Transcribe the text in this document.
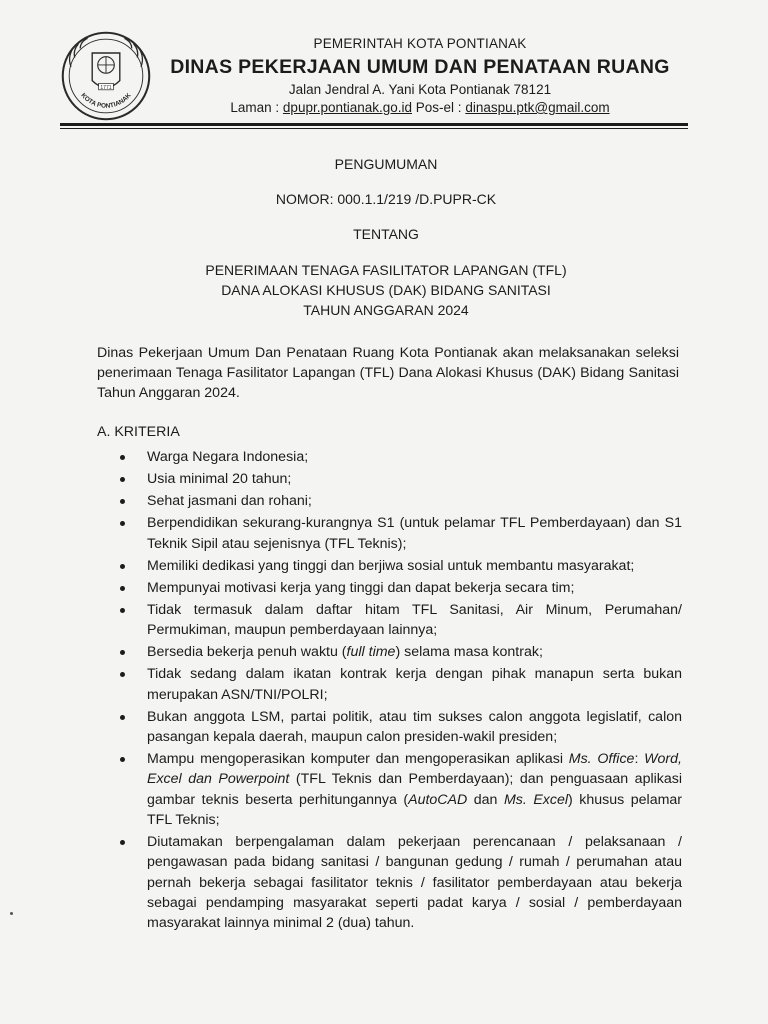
1771
KOTA PONTIANAK
PEMERINTAH KOTA PONTIANAK
DINAS PEKERJAAN UMUM DAN PENATAAN RUANG
Jalan Jendral A. Yani Kota Pontianak 78121
Laman : dpupr.pontianak.go.id Pos-el : dinaspu.ptk@gmail.com
PENGUMUMAN
NOMOR: 000.1.1/219 /D.PUPR-CK
TENTANG
PENERIMAAN TENAGA FASILITATOR LAPANGAN (TFL)
DANA ALOKASI KHUSUS (DAK) BIDANG SANITASI
TAHUN ANGGARAN 2024
Dinas Pekerjaan Umum Dan Penataan Ruang Kota Pontianak akan melaksanakan seleksi penerimaan Tenaga Fasilitator Lapangan (TFL) Dana Alokasi Khusus (DAK) Bidang Sanitasi Tahun Anggaran 2024.
A. KRITERIA
Warga Negara Indonesia;
Usia minimal 20 tahun;
Sehat jasmani dan rohani;
Berpendidikan sekurang-kurangnya S1 (untuk pelamar TFL Pemberdayaan) dan S1 Teknik Sipil atau sejenisnya (TFL Teknis);
Memiliki dedikasi yang tinggi dan berjiwa sosial untuk membantu masyarakat;
Mempunyai motivasi kerja yang tinggi dan dapat bekerja secara tim;
Tidak termasuk dalam daftar hitam TFL Sanitasi, Air Minum, Perumahan/ Permukiman, maupun pemberdayaan lainnya;
Bersedia bekerja penuh waktu (full time) selama masa kontrak;
Tidak sedang dalam ikatan kontrak kerja dengan pihak manapun serta bukan merupakan ASN/TNI/POLRI;
Bukan anggota LSM, partai politik, atau tim sukses calon anggota legislatif, calon pasangan kepala daerah, maupun calon presiden-wakil presiden;
Mampu mengoperasikan komputer dan mengoperasikan aplikasi Ms. Office: Word, Excel dan Powerpoint (TFL Teknis dan Pemberdayaan); dan penguasaan aplikasi gambar teknis beserta perhitungannya (AutoCAD dan Ms. Excel) khusus pelamar TFL Teknis;
Diutamakan berpengalaman dalam pekerjaan perencanaan / pelaksanaan / pengawasan pada bidang sanitasi / bangunan gedung / rumah / perumahan atau pernah bekerja sebagai fasilitator teknis / fasilitator pemberdayaan atau bekerja sebagai pendamping masyarakat seperti padat karya / sosial / pemberdayaan masyarakat lainnya minimal 2 (dua) tahun.
